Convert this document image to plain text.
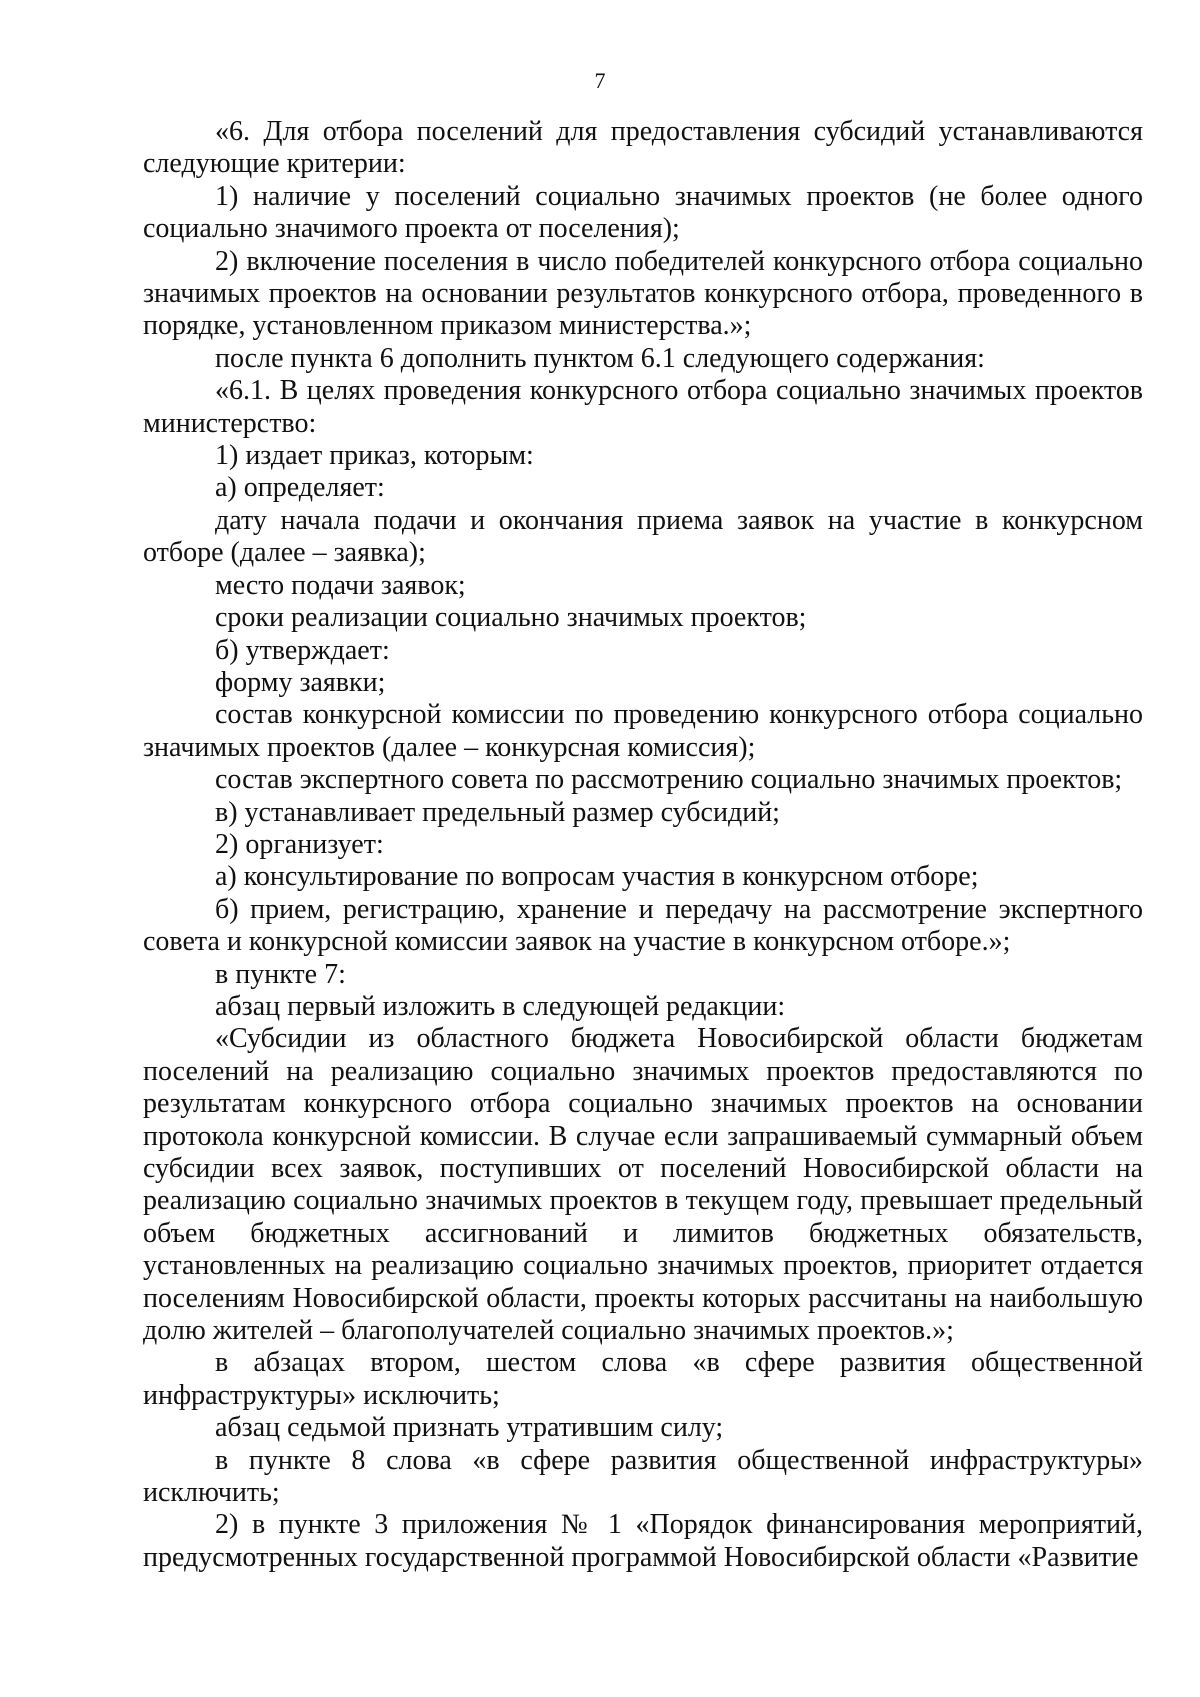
7

«6. Для отбора поселений для предоставления субсидий устанавливаются следующие критерии:

1) наличие у поселений социально значимых проектов (не более одного социально значимого проекта от поселения);

2) включение поселения в число победителей конкурсного отбора социально значимых проектов на основании результатов конкурсного отбора, проведенного в порядке, установленном приказом министерства.»;

после пункта 6 дополнить пунктом 6.1 следующего содержания:

«6.1. В целях проведения конкурсного отбора социально значимых проектов министерство:

1) издает приказ, которым:

а) определяет:

дату начала подачи и окончания приема заявок на участие в конкурсном отборе (далее – заявка);

место подачи заявок;

сроки реализации социально значимых проектов;

б) утверждает:

форму заявки;

состав конкурсной комиссии по проведению конкурсного отбора социально значимых проектов (далее – конкурсная комиссия);

состав экспертного совета по рассмотрению социально значимых проектов;

в) устанавливает предельный размер субсидий;

2) организует:

а) консультирование по вопросам участия в конкурсном отборе;

б) прием, регистрацию, хранение и передачу на рассмотрение экспертного совета и конкурсной комиссии заявок на участие в конкурсном отборе.»;

в пункте 7:

абзац первый изложить в следующей редакции:

«Субсидии из областного бюджета Новосибирской области бюджетам поселений на реализацию социально значимых проектов предоставляются по результатам конкурсного отбора социально значимых проектов на основании протокола конкурсной комиссии. В случае если запрашиваемый суммарный объем субсидии всех заявок, поступивших от поселений Новосибирской области на реализацию социально значимых проектов в текущем году, превышает предельный объем бюджетных ассигнований и лимитов бюджетных обязательств, установленных на реализацию социально значимых проектов, приоритет отдается поселениям Новосибирской области, проекты которых рассчитаны на наибольшую долю жителей – благополучателей социально значимых проектов.»;

в абзацах втором, шестом слова «в сфере развития общественной инфраструктуры» исключить;

абзац седьмой признать утратившим силу;

в пункте 8 слова «в сфере развития общественной инфраструктуры» исключить;

2) в пункте 3 приложения № 1 «Порядок финансирования мероприятий, предусмотренных государственной программой Новосибирской области «Развитие
